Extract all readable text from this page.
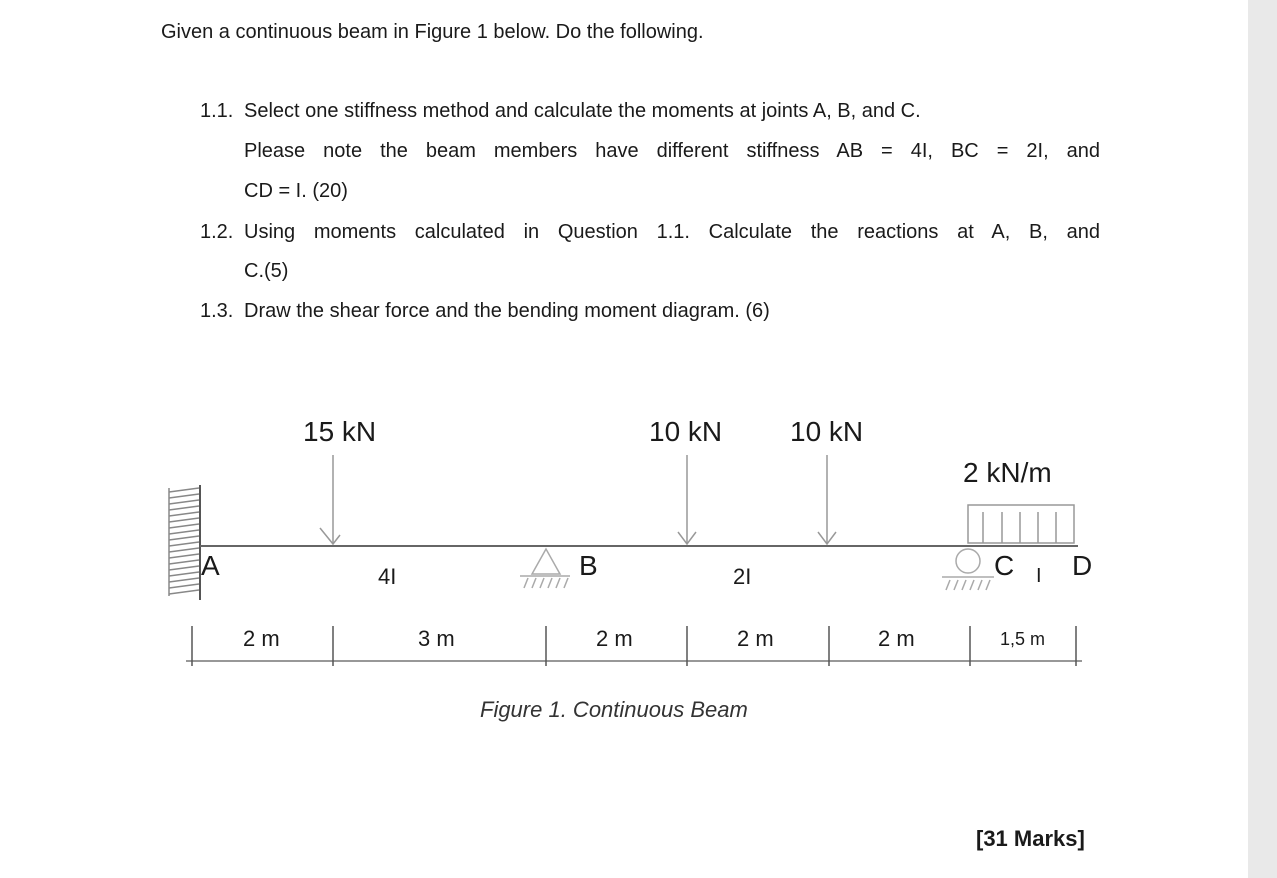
Given a continuous beam in Figure 1 below. Do the following.
1.1. Select one stiffness method and calculate the moments at joints A, B, and C.
Please note the beam members have different stiffness AB = 4I, BC = 2I, and
CD = I. (20)
1.2. Using moments calculated in Question 1.1. Calculate the reactions at A, B, and
C.(5)
1.3. Draw the shear force and the bending moment diagram. (6)
15 kN	10 kN 10 kN
2 kN/m
A	B	C D
4I	2I	I
2 m	3 m	2 m	2 m	2 m	1,5 m
Figure 1. Continuous Beam
[31 Marks]
